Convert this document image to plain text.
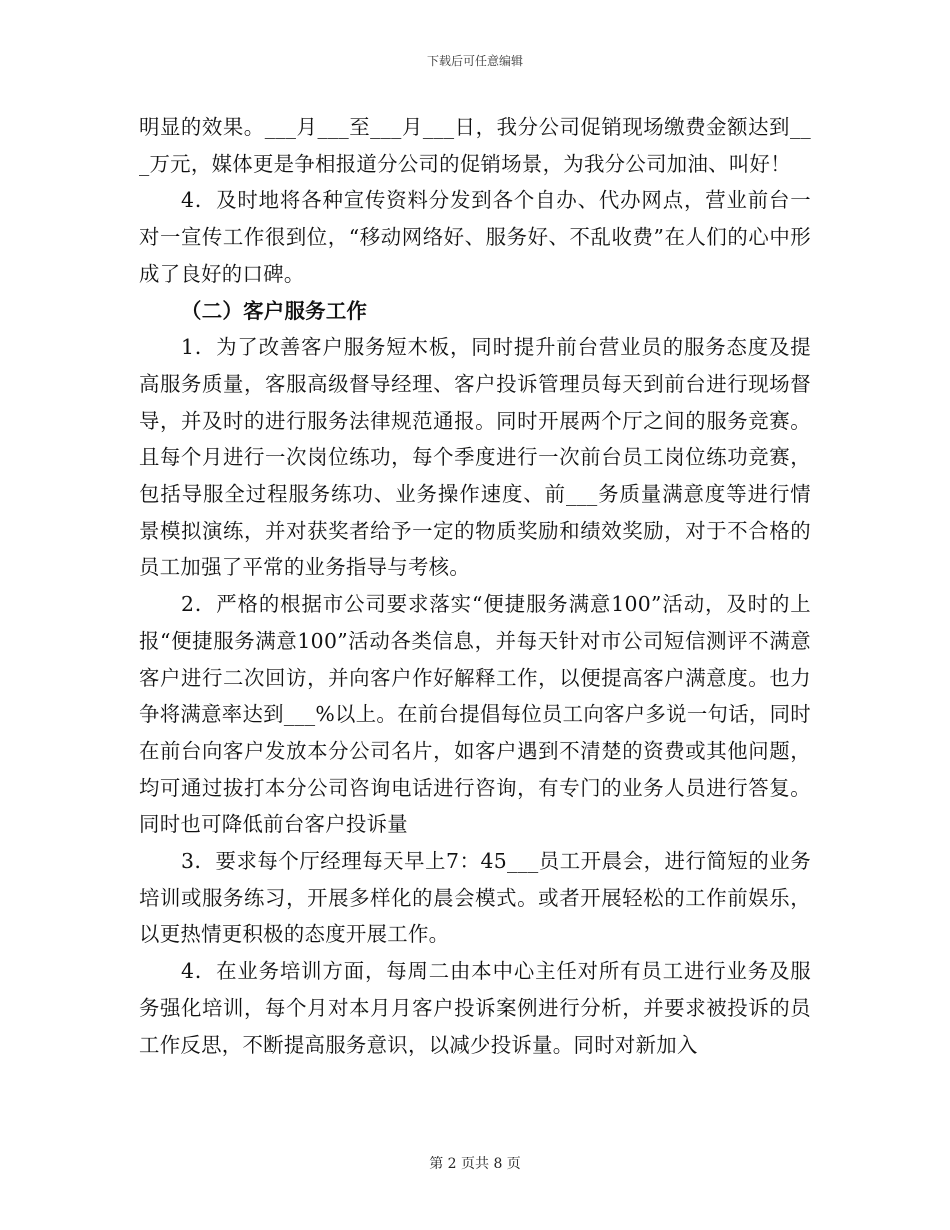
下载后可任意编辑

明显的效果。___月___至___月___日，我分公司促销现场缴费金额达到___万元，媒体更是争相报道分公司的促销场景，为我分公司加油、叫好！

4．及时地将各种宣传资料分发到各个自办、代办网点，营业前台一对一宣传工作很到位，“移动网络好、服务好、不乱收费”在人们的心中形成了良好的口碑。

（二）客户服务工作

1．为了改善客户服务短木板，同时提升前台营业员的服务态度及提高服务质量，客服高级督导经理、客户投诉管理员每天到前台进行现场督导，并及时的进行服务法律规范通报。同时开展两个厅之间的服务竞赛。且每个月进行一次岗位练功，每个季度进行一次前台员工岗位练功竞赛，包括导服全过程服务练功、业务操作速度、前___务质量满意度等进行情景模拟演练，并对获奖者给予一定的物质奖励和绩效奖励，对于不合格的员工加强了平常的业务指导与考核。

2．严格的根据市公司要求落实“便捷服务满意100”活动，及时的上报“便捷服务满意100”活动各类信息，并每天针对市公司短信测评不满意客户进行二次回访，并向客户作好解释工作，以便提高客户满意度。也力争将满意率达到___%以上。在前台提倡每位员工向客户多说一句话，同时在前台向客户发放本分公司名片，如客户遇到不清楚的资费或其他问题，均可通过拔打本分公司咨询电话进行咨询，有专门的业务人员进行答复。同时也可降低前台客户投诉量

3．要求每个厅经理每天早上7：45___员工开晨会，进行简短的业务培训或服务练习，开展多样化的晨会模式。或者开展轻松的工作前娱乐，以更热情更积极的态度开展工作。

4．在业务培训方面，每周二由本中心主任对所有员工进行业务及服务强化培训，每个月对本月月客户投诉案例进行分析，并要求被投诉的员工作反思，不断提高服务意识，以减少投诉量。同时对新加入

第 2 页共 8 页
